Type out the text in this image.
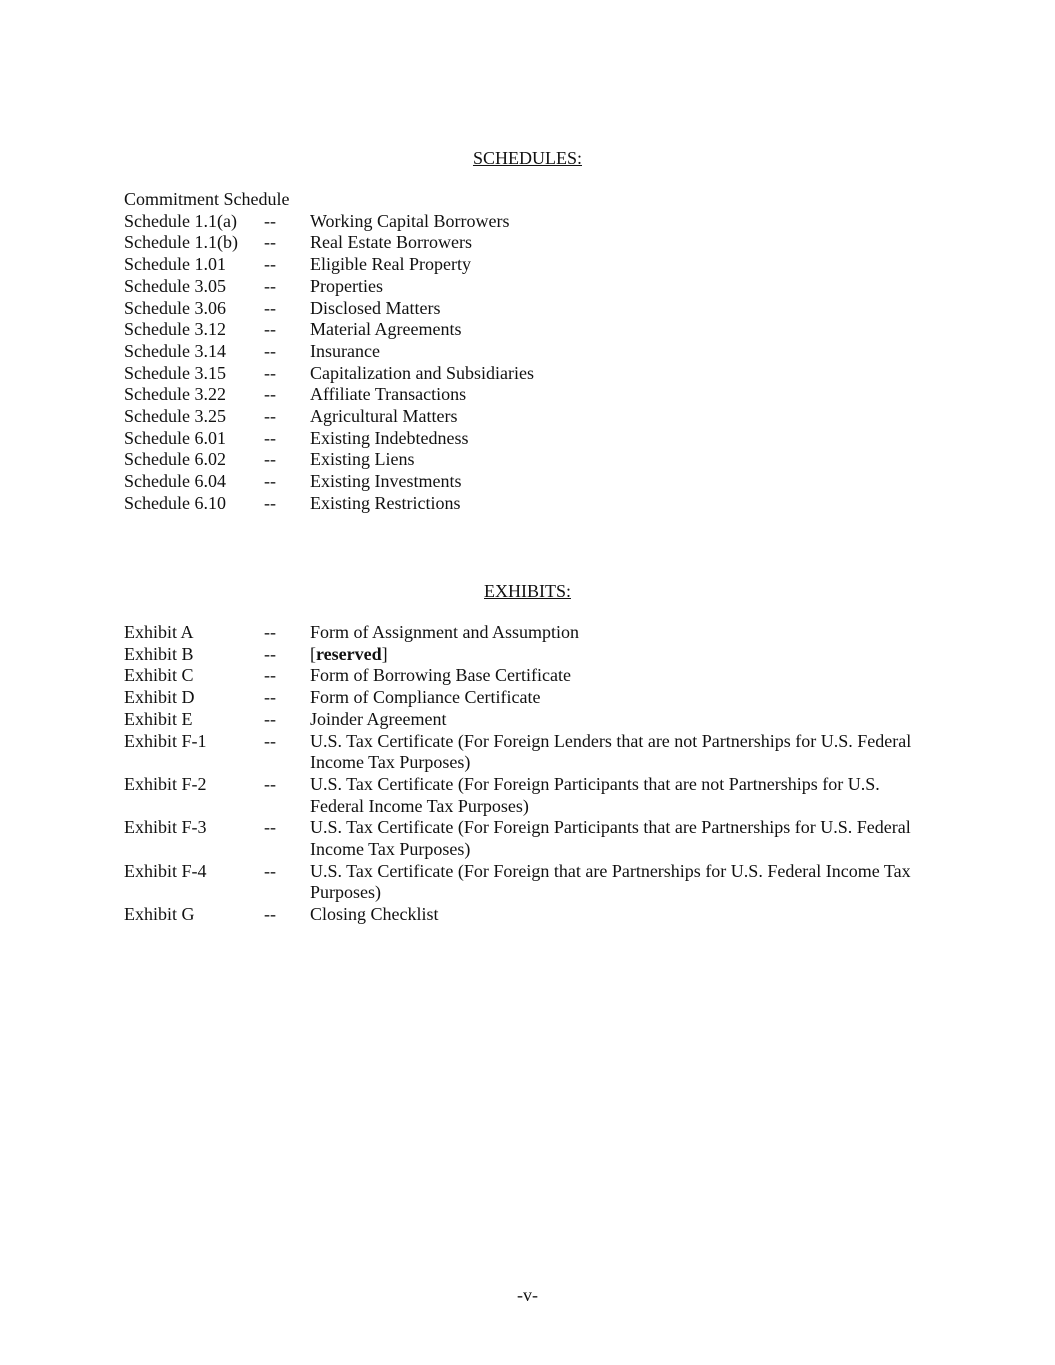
SCHEDULES:
Commitment Schedule
Schedule 1.1(a) -- Working Capital Borrowers
Schedule 1.1(b) -- Real Estate Borrowers
Schedule 1.01 -- Eligible Real Property
Schedule 3.05 -- Properties
Schedule 3.06 -- Disclosed Matters
Schedule 3.12 -- Material Agreements
Schedule 3.14 -- Insurance
Schedule 3.15 -- Capitalization and Subsidiaries
Schedule 3.22 -- Affiliate Transactions
Schedule 3.25 -- Agricultural Matters
Schedule 6.01 -- Existing Indebtedness
Schedule 6.02 -- Existing Liens
Schedule 6.04 -- Existing Investments
Schedule 6.10 -- Existing Restrictions
EXHIBITS:
Exhibit A	-- Form of Assignment and Assumption
Exhibit B	-- [reserved]
Exhibit C	-- Form of Borrowing Base Certificate
Exhibit D	-- Form of Compliance Certificate
Exhibit E	-- Joinder Agreement
Exhibit F-1	-- U.S. Tax Certificate (For Foreign Lenders that are not Partnerships for U.S. Federal Income Tax Purposes)
Exhibit F-2	-- U.S. Tax Certificate (For Foreign Participants that are not Partnerships for U.S. Federal Income Tax Purposes)
Exhibit F-3	-- U.S. Tax Certificate (For Foreign Participants that are Partnerships for U.S. Federal Income Tax Purposes)
Exhibit F-4	-- U.S. Tax Certificate (For Foreign that are Partnerships for U.S. Federal Income Tax Purposes)
Exhibit G	-- Closing Checklist
-v-
